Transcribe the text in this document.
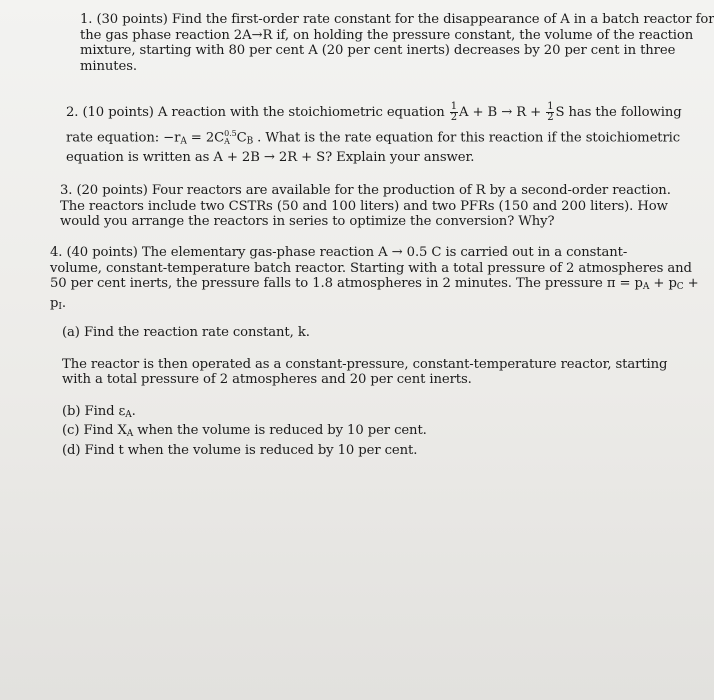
1. (30 points) Find the first-order rate constant for the disappearance of A in a batch reactor for

the gas phase reaction 2A→R if, on holding the pressure constant, the volume of the reaction

mixture, starting with 80 per cent A (20 per cent inerts) decreases by 20 per cent in three

minutes.

2. (10 points) A reaction with the stoichiometric equation $\frac{1}{2}$ $A + B \to R + \frac{1}{2}$ S has the following

rate equation: $-r_A = 2C$ 0.5
A $C_B$ . What is the rate equation for this reaction if the stoichiometric

equation is written as A + 2B → 2R + S? Explain your answer.

3. (20 points) Four reactors are available for the production of R by a second-order reaction.

The reactors include two CSTRs (50 and 100 liters) and two PFRs (150 and 200 liters). How

would you arrange the reactors in series to optimize the conversion? Why?

4. (40 points) The elementary gas-phase reaction A → 0.5 C is carried out in a constant-

volume, constant-temperature batch reactor. Starting with a total pressure of 2 atmospheres and

50 per cent inerts, the pressure falls to 1.8 atmospheres in 2 minutes. The pressure $\pi = p_A + p_C$ +

$p_I$.

(a) Find the reaction rate constant, k.

The reactor is then operated as a constant-pressure, constant-temperature reactor, starting

with a total pressure of 2 atmospheres and 20 per cent inerts.

(b) Find $\varepsilon_A$.

(c) Find $X_A$ when the volume is reduced by 10 per cent.

(d) Find t when the volume is reduced by 10 per cent.
